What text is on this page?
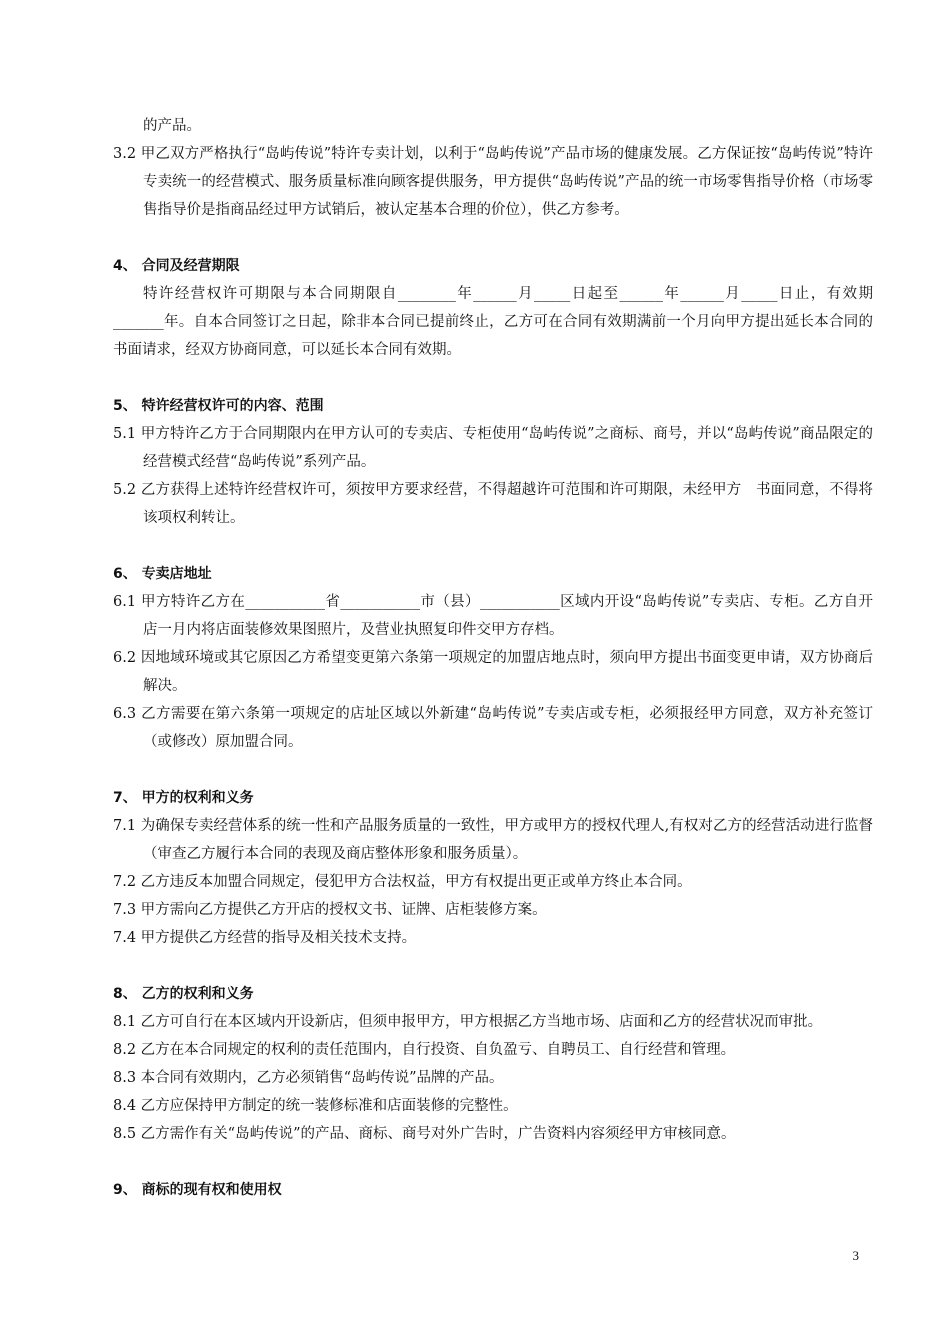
的产品。

3.2 甲乙双方严格执行“岛屿传说”特许专卖计划，以利于“岛屿传说”产品市场的健康发展。乙方保证按“岛屿传说”特许专卖统一的经营模式、服务质量标准向顾客提供服务，甲方提供“岛屿传说”产品的统一市场零售指导价格（市场零售指导价是指商品经过甲方试销后，被认定基本合理的价位），供乙方参考。

4、 合同及经营期限

特许经营权许可期限与本合同期限自________年______月_____日起至______年______月_____日止，有效期_______年。自本合同签订之日起，除非本合同已提前终止，乙方可在合同有效期满前一个月向甲方提出延长本合同的书面请求，经双方协商同意，可以延长本合同有效期。

5、 特许经营权许可的内容、范围

5.1 甲方特许乙方于合同期限内在甲方认可的专卖店、专柜使用“岛屿传说”之商标、商号，并以“岛屿传说”商品限定的经营模式经营“岛屿传说”系列产品。

5.2 乙方获得上述特许经营权许可，须按甲方要求经营，不得超越许可范围和许可期限，未经甲方　书面同意，不得将该项权利转让。

6、 专卖店地址

6.1 甲方特许乙方在___________省___________市（县）___________区域内开设“岛屿传说”专卖店、专柜。乙方自开店一月内将店面装修效果图照片，及营业执照复印件交甲方存档。

6.2 因地域环境或其它原因乙方希望变更第六条第一项规定的加盟店地点时，须向甲方提出书面变更申请，双方协商后解决。

6.3 乙方需要在第六条第一项规定的店址区域以外新建“岛屿传说”专卖店或专柜，必须报经甲方同意，双方补充签订（或修改）原加盟合同。

7、 甲方的权利和义务

7.1 为确保专卖经营体系的统一性和产品服务质量的一致性，甲方或甲方的授权代理人,有权对乙方的经营活动进行监督（审查乙方履行本合同的表现及商店整体形象和服务质量）。

7.2 乙方违反本加盟合同规定，侵犯甲方合法权益，甲方有权提出更正或单方终止本合同。

7.3 甲方需向乙方提供乙方开店的授权文书、证牌、店柜装修方案。

7.4 甲方提供乙方经营的指导及相关技术支持。

8、 乙方的权利和义务

8.1 乙方可自行在本区域内开设新店，但须申报甲方，甲方根据乙方当地市场、店面和乙方的经营状况而审批。

8.2 乙方在本合同规定的权利的责任范围内，自行投资、自负盈亏、自聘员工、自行经营和管理。

8.3 本合同有效期内，乙方必须销售“岛屿传说”品牌的产品。

8.4 乙方应保持甲方制定的统一装修标准和店面装修的完整性。

8.5 乙方需作有关“岛屿传说”的产品、商标、商号对外广告时，广告资料内容须经甲方审核同意。

9、 商标的现有权和使用权

3
